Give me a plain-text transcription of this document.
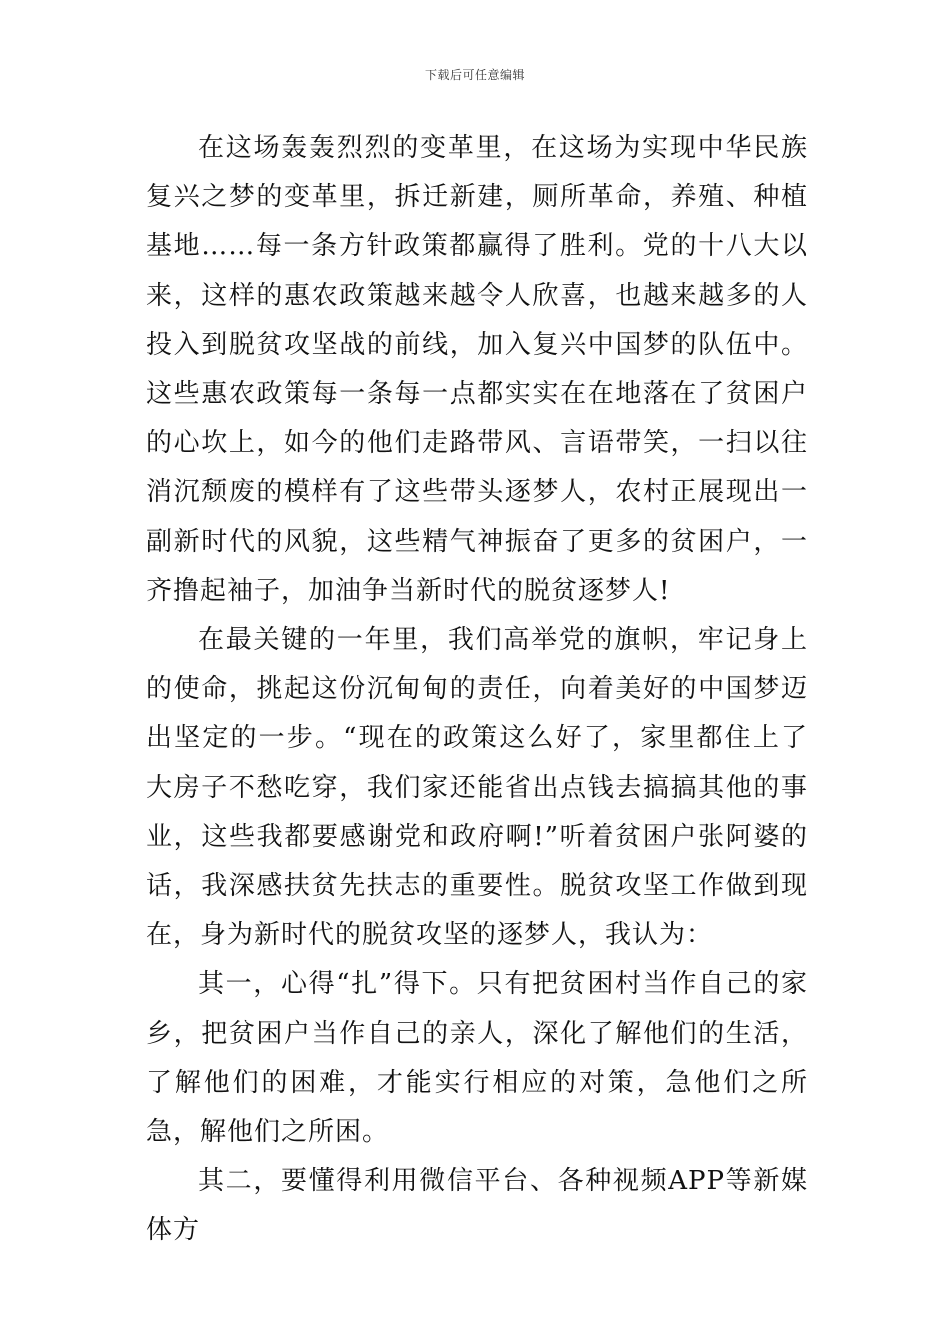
下载后可任意编辑

在这场轰轰烈烈的变革里，在这场为实现中华民族复兴之梦的变革里，拆迁新建，厕所革命，养殖、种植基地……每一条方针政策都赢得了胜利。党的十八大以来，这样的惠农政策越来越令人欣喜，也越来越多的人投入到脱贫攻坚战的前线，加入复兴中国梦的队伍中。这些惠农政策每一条每一点都实实在在地落在了贫困户的心坎上，如今的他们走路带风、言语带笑，一扫以往消沉颓废的模样有了这些带头逐梦人，农村正展现出一副新时代的风貌，这些精气神振奋了更多的贫困户，一齐撸起袖子，加油争当新时代的脱贫逐梦人!

在最关键的一年里，我们高举党的旗帜，牢记身上的使命，挑起这份沉甸甸的责任，向着美好的中国梦迈出坚定的一步。“现在的政策这么好了，家里都住上了大房子不愁吃穿，我们家还能省出点钱去搞搞其他的事业，这些我都要感谢党和政府啊!”听着贫困户张阿婆的话，我深感扶贫先扶志的重要性。脱贫攻坚工作做到现在，身为新时代的脱贫攻坚的逐梦人，我认为：

其一，心得“扎”得下。只有把贫困村当作自己的家乡，把贫困户当作自己的亲人，深化了解他们的生活，了解他们的困难，才能实行相应的对策，急他们之所急，解他们之所困。

其二，要懂得利用微信平台、各种视频APP等新媒体方
